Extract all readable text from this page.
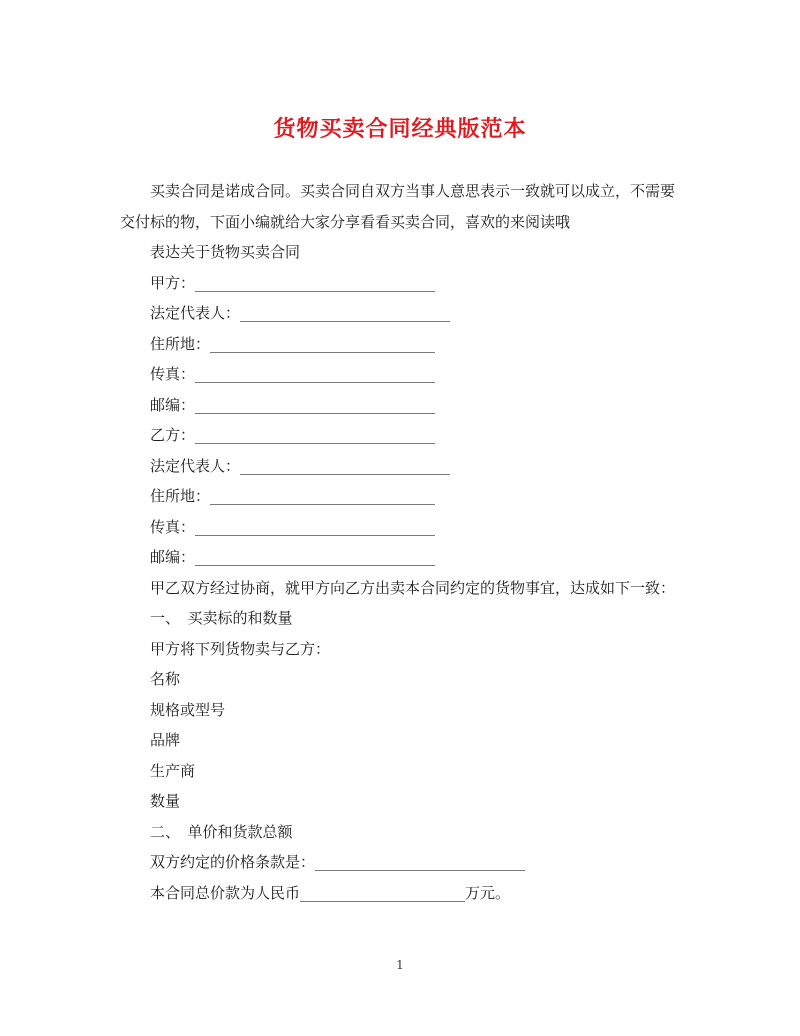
货物买卖合同经典版范本

买卖合同是诺成合同。买卖合同自双方当事人意思表示一致就可以成立，不需要交付标的物，下面小编就给大家分享看看买卖合同，喜欢的来阅读哦

表达关于货物买卖合同

甲方：________________________________

法定代表人：____________________________

住所地：______________________________

传真：________________________________

邮编：________________________________

乙方：________________________________

法定代表人：____________________________

住所地：______________________________

传真：________________________________

邮编：________________________________

甲乙双方经过协商，就甲方向乙方出卖本合同约定的货物事宜，达成如下一致：

一、　买卖标的和数量

甲方将下列货物卖与乙方：

名称

规格或型号

品牌

生产商

数量

二、　单价和货款总额

双方约定的价格条款是：____________________________

本合同总价款为人民币______________________万元。

1
